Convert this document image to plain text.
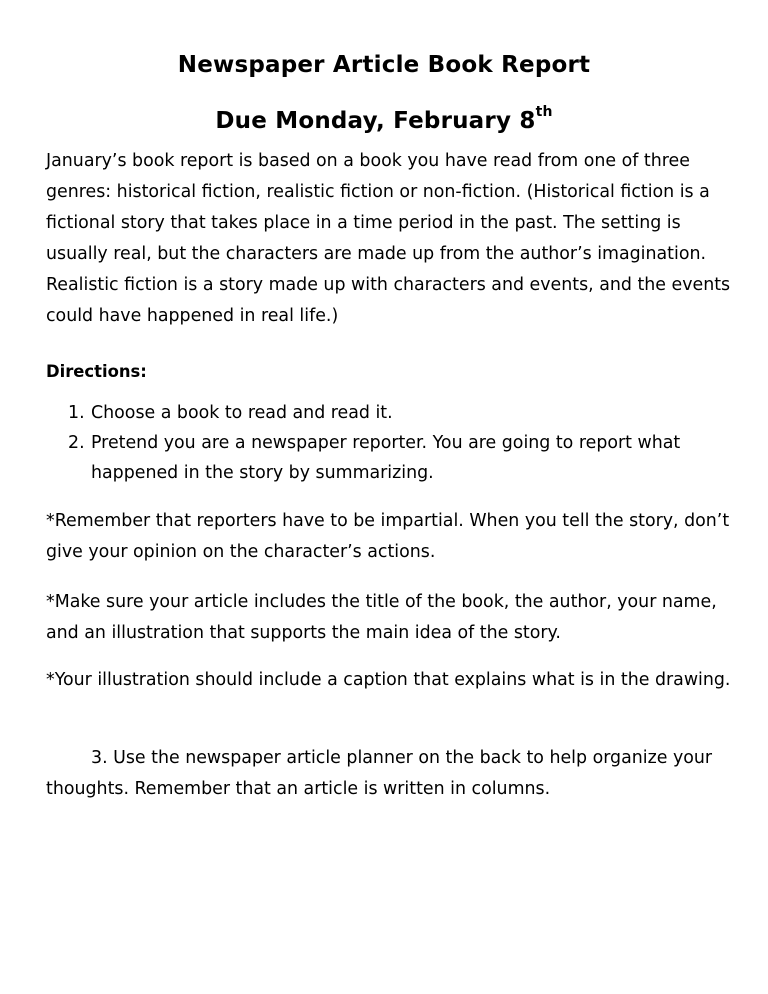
Newspaper Article Book Report
Due Monday, February 8th

January’s book report is based on a book you have read from one of three genres: historical fiction, realistic fiction or non-fiction. (Historical fiction is a fictional story that takes place in a time period in the past. The setting is usually real, but the characters are made up from the author’s imagination. Realistic fiction is a story made up with characters and events, and the events could have happened in real life.)

Directions:
1. Choose a book to read and read it.
2. Pretend you are a newspaper reporter. You are going to report what happened in the story by summarizing.

*Remember that reporters have to be impartial. When you tell the story, don’t give your opinion on the character’s actions.

*Make sure your article includes the title of the book, the author, your name, and an illustration that supports the main idea of the story.

*Your illustration should include a caption that explains what is in the drawing.

3. Use the newspaper article planner on the back to help organize your thoughts. Remember that an article is written in columns.
